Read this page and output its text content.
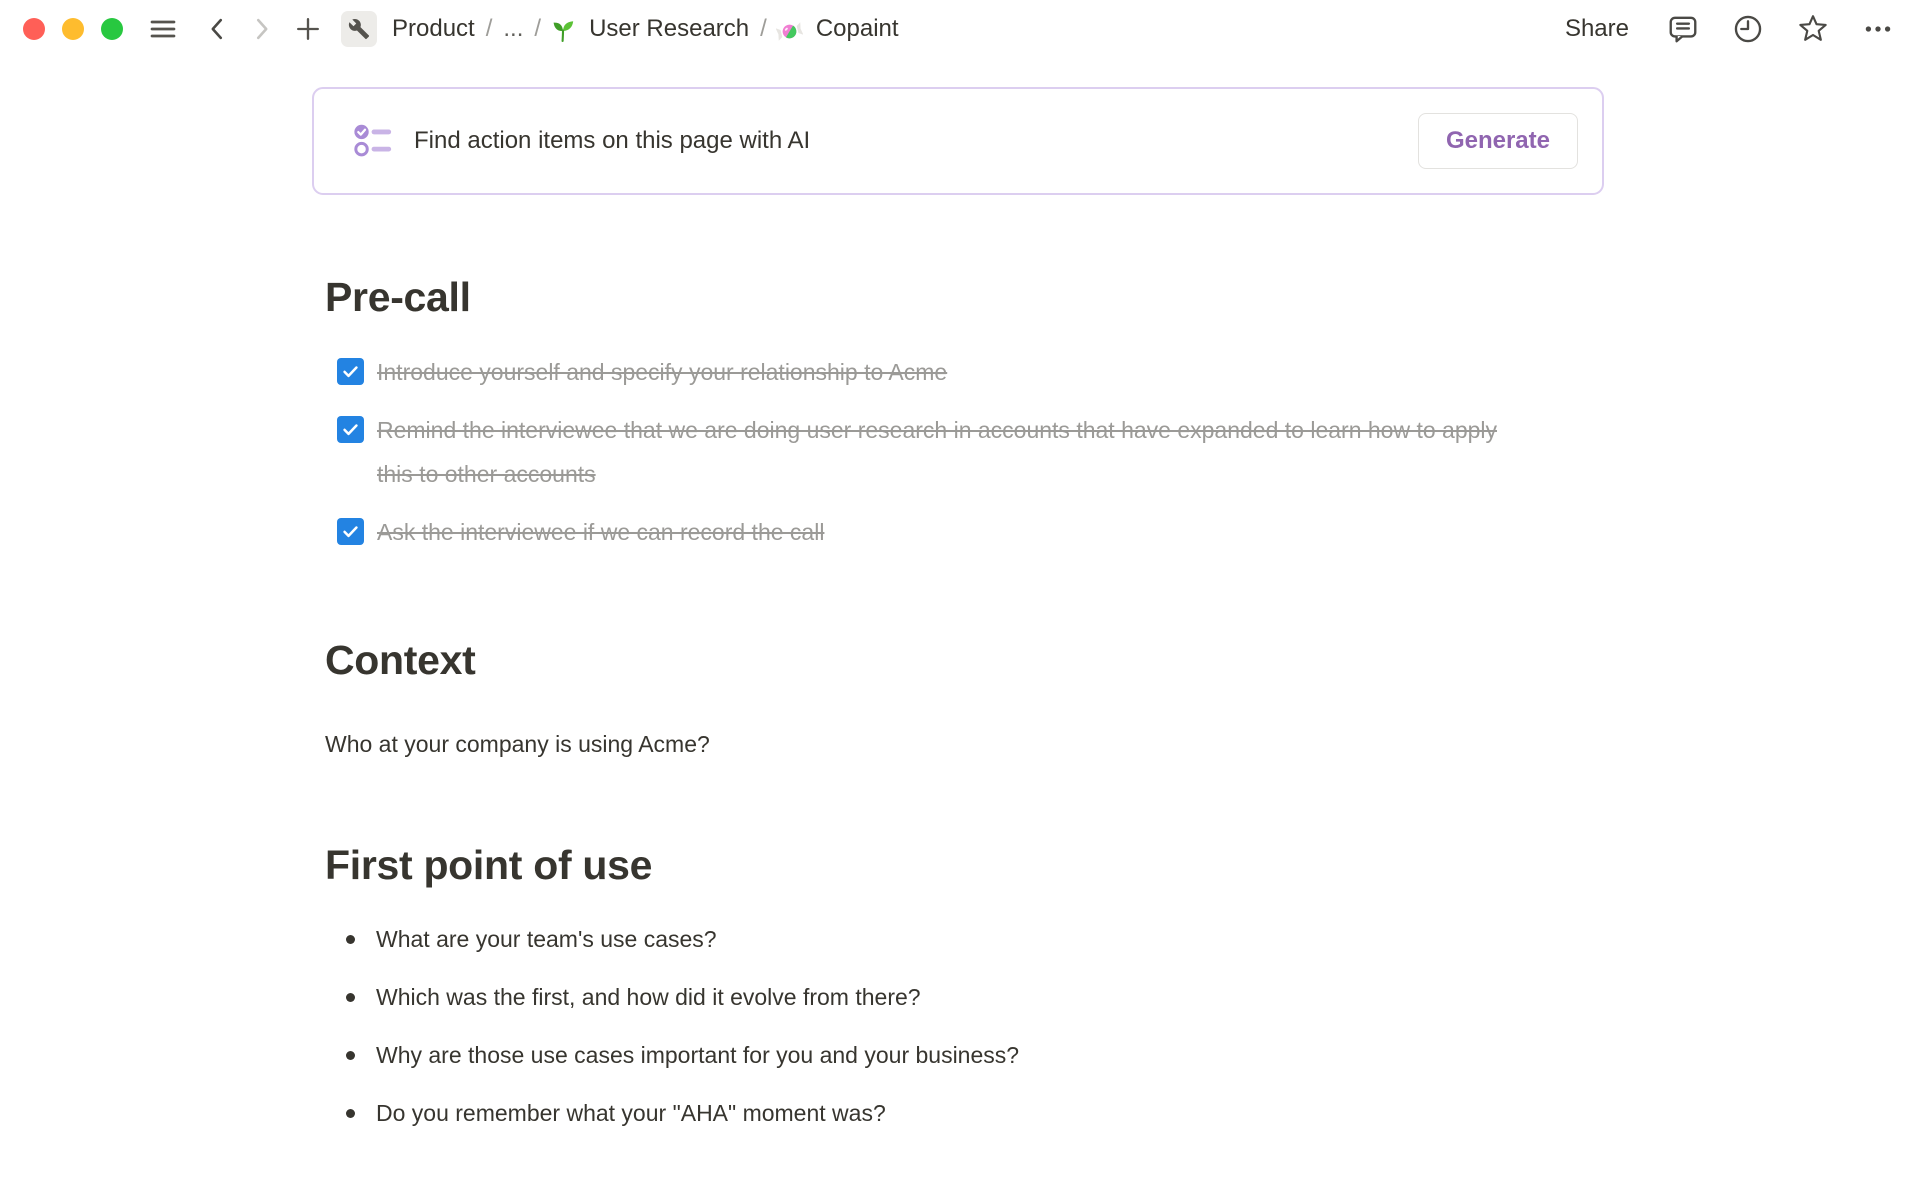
Product / ... / User Research / Copaint	Share
Find action items on this page with AI	Generate
Pre-call
Introduce yourself and specify your relationship to Acme
Remind the interviewee that we are doing user research in accounts that have expanded to learn how to apply this to other accounts
Ask the interviewee if we can record the call
Context
Who at your company is using Acme?
First point of use
What are your team's use cases?
Which was the first, and how did it evolve from there?
Why are those use cases important for you and your business?
Do you remember what your "AHA" moment was?
